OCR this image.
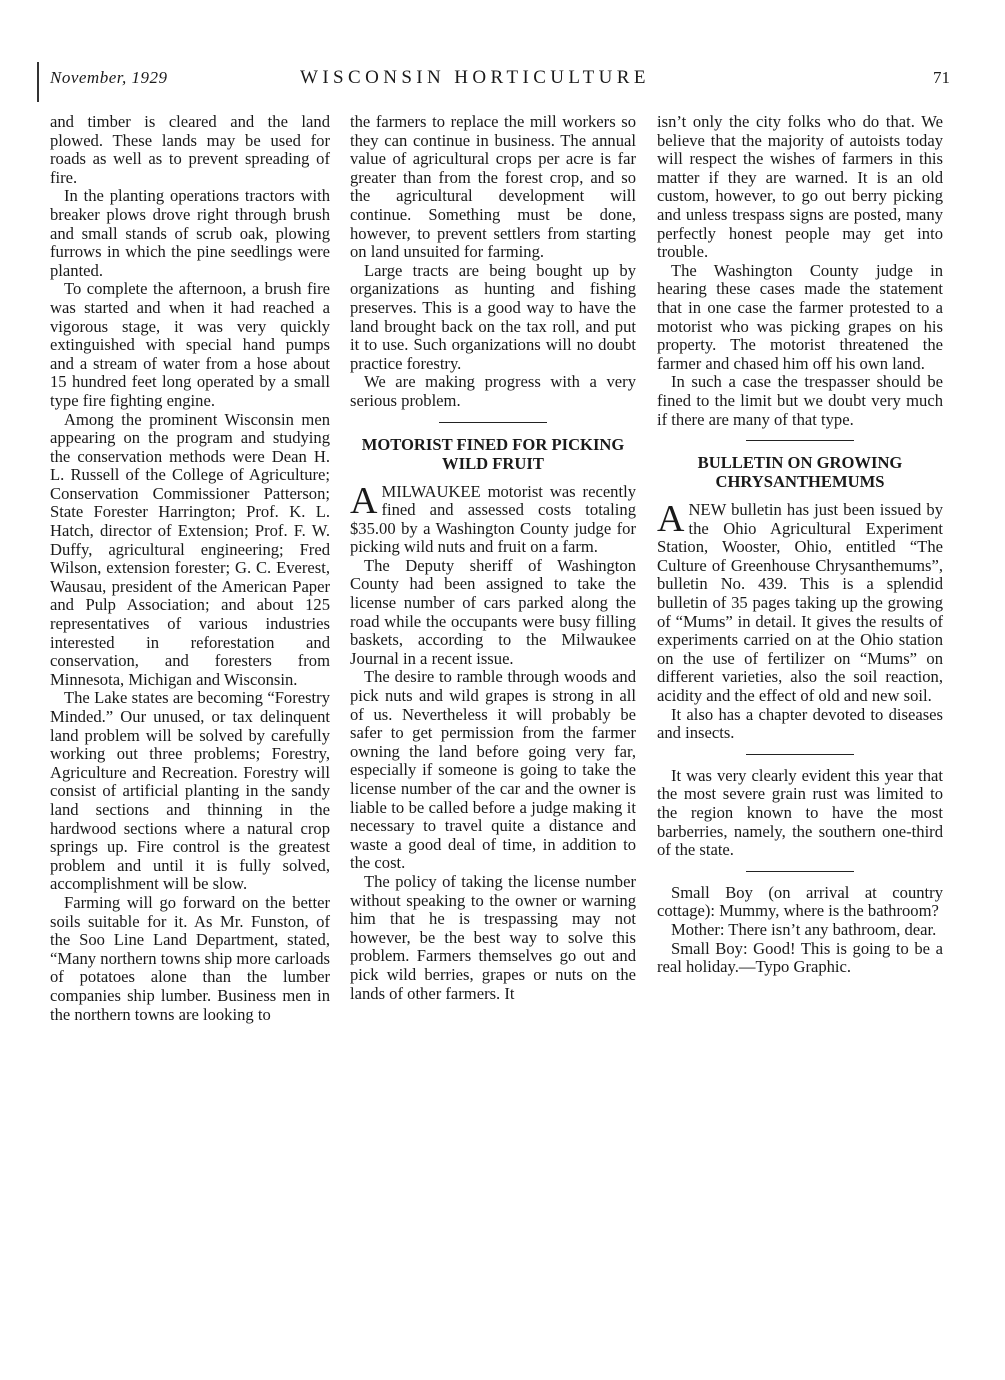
November, 1929	WISCONSIN HORTICULTURE	71

and timber is cleared and the land plowed. These lands may be used for roads as well as to prevent spreading of fire.

In the planting operations tractors with breaker plows drove right through brush and small stands of scrub oak, plowing furrows in which the pine seedlings were planted.

To complete the afternoon, a brush fire was started and when it had reached a vigorous stage, it was very quickly extinguished with special hand pumps and a stream of water from a hose about 15 hundred feet long operated by a small type fire fighting engine.

Among the prominent Wisconsin men appearing on the program and studying the conservation methods were Dean H. L. Russell of the College of Agriculture; Conservation Commissioner Patterson; State Forester Harrington; Prof. K. L. Hatch, director of Extension; Prof. F. W. Duffy, agricultural engineering; Fred Wilson, extension forester; G. C. Everest, Wausau, president of the American Paper and Pulp Association; and about 125 representatives of various industries interested in reforestation and conservation, and foresters from Minnesota, Michigan and Wisconsin.

The Lake states are becoming “Forestry Minded.” Our unused, or tax delinquent land problem will be solved by carefully working out three problems; Forestry, Agriculture and Recreation. Forestry will consist of artificial planting in the sandy land sections and thinning in the hardwood sections where a natural crop springs up. Fire control is the greatest problem and until it is fully solved, accomplishment will be slow.

Farming will go forward on the better soils suitable for it. As Mr. Funston, of the Soo Line Land Department, stated, “Many northern towns ship more carloads of potatoes alone than the lumber companies ship lumber. Business men in the northern towns are looking to

the farmers to replace the mill workers so they can continue in business. The annual value of agricultural crops per acre is far greater than from the forest crop, and so the agricultural development will continue. Something must be done, however, to prevent settlers from starting on land unsuited for farming.

Large tracts are being bought up by organizations as hunting and fishing preserves. This is a good way to have the land brought back on the tax roll, and put it to use. Such organizations will no doubt practice forestry.

We are making progress with a very serious problem.

MOTORIST FINED FOR PICKING WILD FRUIT

AMILWAUKEE motorist was recently fined and assessed costs totaling $35.00 by a Washington County judge for picking wild nuts and fruit on a farm.

The Deputy sheriff of Washington County had been assigned to take the license number of cars parked along the road while the occupants were busy filling baskets, according to the Milwaukee Journal in a recent issue.

The desire to ramble through woods and pick nuts and wild grapes is strong in all of us. Nevertheless it will probably be safer to get permission from the farmer owning the land before going very far, especially if someone is going to take the license number of the car and the owner is liable to be called before a judge making it necessary to travel quite a distance and waste a good deal of time, in addition to the cost.

The policy of taking the license number without speaking to the owner or warning him that he is trespassing may not however, be the best way to solve this problem. Farmers themselves go out and pick wild berries, grapes or nuts on the lands of other farmers. It

isn’t only the city folks who do that. We believe that the majority of autoists today will respect the wishes of farmers in this matter if they are warned. It is an old custom, however, to go out berry picking and unless trespass signs are posted, many perfectly honest people may get into trouble.

The Washington County judge in hearing these cases made the statement that in one case the farmer protested to a motorist who was picking grapes on his property. The motorist threatened the farmer and chased him off his own land.

In such a case the trespasser should be fined to the limit but we doubt very much if there are many of that type.

BULLETIN ON GROWING CHRYSANTHEMUMS

ANEW bulletin has just been issued by the Ohio Agricultural Experiment Station, Wooster, Ohio, entitled “The Culture of Greenhouse Chrysanthemums”, bulletin No. 439. This is a splendid bulletin of 35 pages taking up the growing of “Mums” in detail. It gives the results of experiments carried on at the Ohio station on the use of fertilizer on “Mums” on different varieties, also the soil reaction, acidity and the effect of old and new soil.

It also has a chapter devoted to diseases and insects.

It was very clearly evident this year that the most severe grain rust was limited to the region known to have the most barberries, namely, the southern one-third of the state.

Small Boy (on arrival at country cottage): Mummy, where is the bathroom?

Mother: There isn’t any bathroom, dear.

Small Boy: Good! This is going to be a real holiday.—Typo Graphic.
